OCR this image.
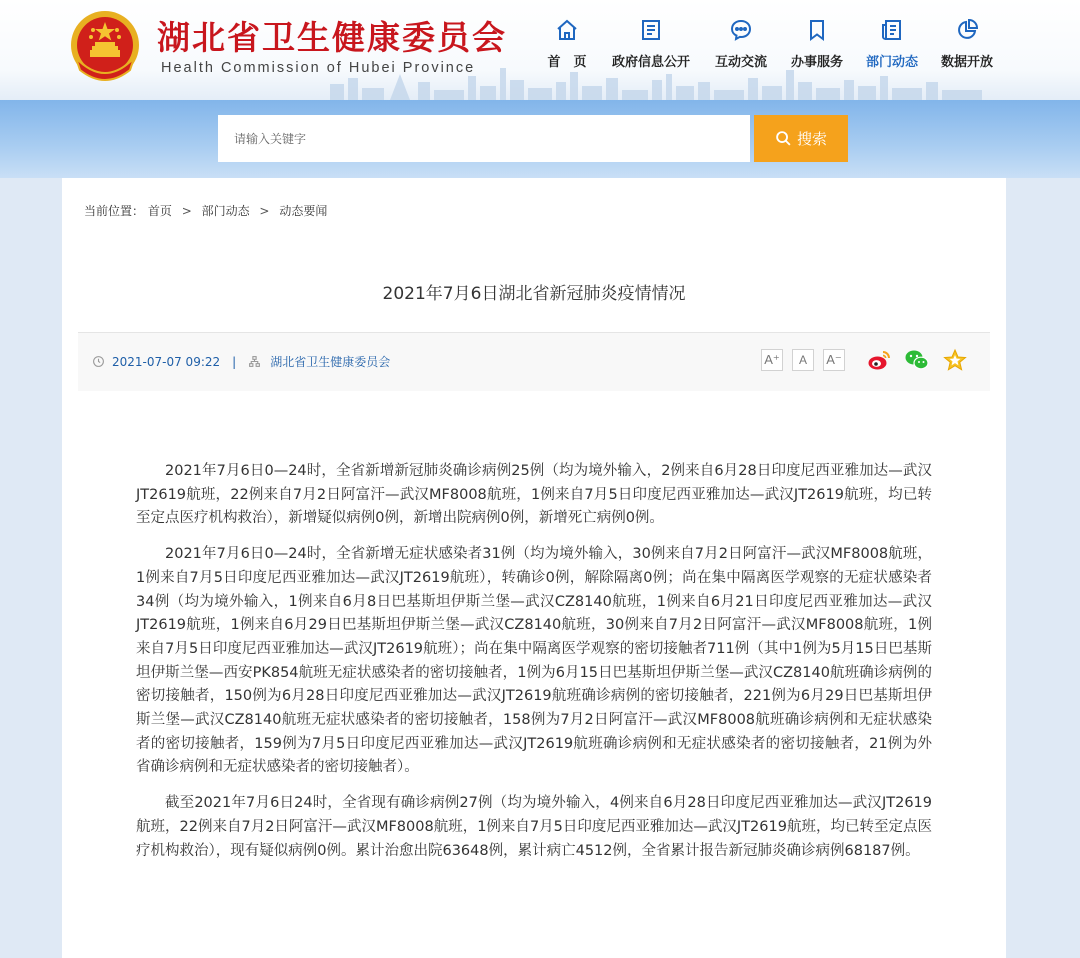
湖北省卫生健康委员会
Health Commission of Hubei Province	首　页	政府信息公开	互动交流	办事服务	部门动态	数据开放
请输入关键字
搜索
当前位置： 首页 > 部门动态 > 动态要闻
2021年7月6日湖北省新冠肺炎疫情情况
2021-07-07 09:22 |	湖北省卫生健康委员会	A⁺	A	A⁻

2021年7月6日0—24时，全省新增新冠肺炎确诊病例25例（均为境外输入，2例来自6月28日印度尼西亚雅加达—武汉JT2619航班，22例来自7月2日阿富汗—武汉MF8008航班，1例来自7月5日印度尼西亚雅加达—武汉JT2619航班，均已转至定点医疗机构救治），新增疑似病例0例，新增出院病例0例，新增死亡病例0例。

2021年7月6日0—24时，全省新增无症状感染者31例（均为境外输入，30例来自7月2日阿富汗—武汉MF8008航班，1例来自7月5日印度尼西亚雅加达—武汉JT2619航班），转确诊0例，解除隔离0例；尚在集中隔离医学观察的无症状感染者34例（均为境外输入，1例来自6月8日巴基斯坦伊斯兰堡—武汉CZ8140航班，1例来自6月21日印度尼西亚雅加达—武汉JT2619航班，1例来自6月29日巴基斯坦伊斯兰堡—武汉CZ8140航班，30例来自7月2日阿富汗—武汉MF8008航班，1例来自7月5日印度尼西亚雅加达—武汉JT2619航班）；尚在集中隔离医学观察的密切接触者711例（其中1例为5月15日巴基斯坦伊斯兰堡—西安PK854航班无症状感染者的密切接触者，1例为6月15日巴基斯坦伊斯兰堡—武汉CZ8140航班确诊病例的密切接触者，150例为6月28日印度尼西亚雅加达—武汉JT2619航班确诊病例的密切接触者，221例为6月29日巴基斯坦伊斯兰堡—武汉CZ8140航班无症状感染者的密切接触者，158例为7月2日阿富汗—武汉MF8008航班确诊病例和无症状感染者的密切接触者，159例为7月5日印度尼西亚雅加达—武汉JT2619航班确诊病例和无症状感染者的密切接触者，21例为外省确诊病例和无症状感染者的密切接触者）。

截至2021年7月6日24时，全省现有确诊病例27例（均为境外输入，4例来自6月28日印度尼西亚雅加达—武汉JT2619航班，22例来自7月2日阿富汗—武汉MF8008航班，1例来自7月5日印度尼西亚雅加达—武汉JT2619航班，均已转至定点医疗机构救治），现有疑似病例0例。累计治愈出院63648例，累计病亡4512例，全省累计报告新冠肺炎确诊病例68187例。
